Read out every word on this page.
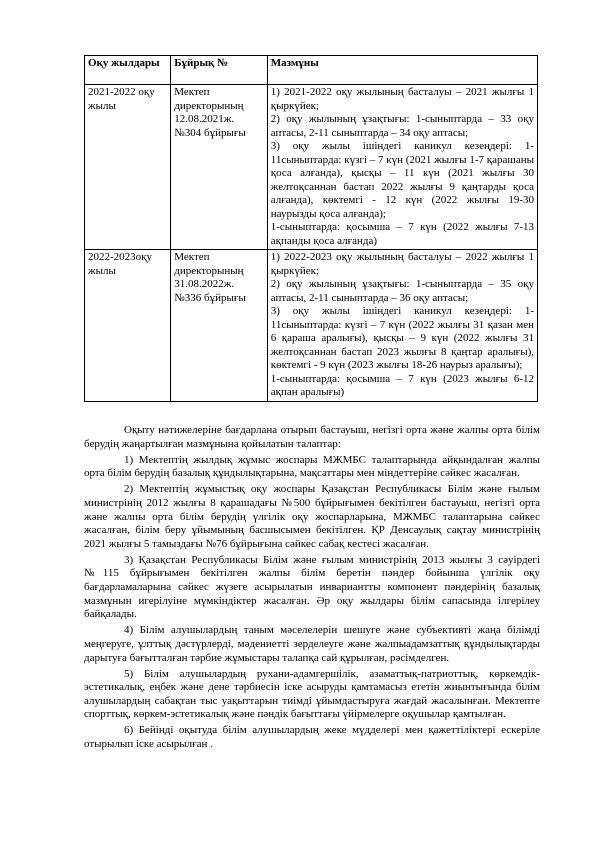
Оқу жылдары	Бұйрық №	Мазмұны
2021-2022 оқу жылы	Мектеп директорының 12.08.2021ж. №304 бұйрығы	1) 2021-2022 оқу жылының басталуы – 2021 жылғы 1 қыркүйек;
2) оқу жылының ұзақтығы: 1-сыныптарда – 33 оқу аптасы, 2-11 сыныптарда – 34 оқу аптасы;
3) оқу жылы ішіндегі каникул кезеңдері: 1-11сыныптарда: күзгі – 7 күн (2021 жылғы 1-7 қарашаны қоса алғанда), қысқы – 11 күн (2021 жылғы 30 желтоқсаннан бастап 2022 жылғы 9 қаңтарды қоса алғанда), көктемгі - 12 күн (2022 жылғы 19-30 наурызды қоса алғанда);
1-сыныптарда: қосымша – 7 күн (2022 жылғы 7-13 ақпанды қоса алғанда)

2022-2023оқу жылы	Мектеп директорының 31.08.2022ж. №336 бұйрығы	1) 2022-2023 оқу жылының басталуы – 2022 жылғы 1 қыркүйек;
2) оқу жылының ұзақтығы: 1-сыныптарда – 35 оқу аптасы, 2-11 сыныптарда – 36 оқу аптасы;
3) оқу жылы ішіндегі каникул кезеңдері: 1-11сыныптарда: күзгі – 7 күн (2022 жылғы 31 қазан мен 6 қараша аралығы), қысқы – 9 күн (2022 жылғы 31 желтоқсаннан бастап 2023 жылғы 8 қаңтар аралығы), көктемгі - 9 күн (2023 жылғы 18-26 наурыз аралығы);
1-сыныптарда: қосымша – 7 күн (2023 жылғы 6-12 ақпан аралығы)

Оқыту нәтижелеріне бағдарлана отырып бастауыш, негізгі орта және жалпы орта білім берудің жаңартылған мазмұнына қойылатын талаптар:

1) Мектептің жылдық жұмыс жоспары МЖМБС талаптарында айқындалған жалпы орта білім берудің базалық құндылықтарына, мақсаттары мен міндеттеріне сәйкес жасалған.

2) Мектептің жұмыстық оқу жоспары Қазақстан Республикасы Білім және ғылым министрінің 2012 жылғы 8 қарашадағы №500 бұйрығымен бекітілген бастауыш, негізгі орта және жалпы орта білім берудің үлгілік оқу жоспарларына, МЖМБС талаптарына сәйкес жасалған, білім беру ұйымының басшысымен бекітілген. ҚР Денсаулық сақтау министрінің 2021 жылғы 5 тамыздағы №76 бұйрығына сәйкес сабақ кестесі жасалған.

3) Қазақстан Республикасы Білім және ғылым министрінің 2013 жылғы 3 сәуірдегі №115 бұйрығымен бекітілген жалпы білім беретін пәндер бойынша үлгілік оқу бағдарламаларына сәйкес жүзеге асырылатын инвариантты компонент пәндерінің базалық мазмұнын игерілуіне мүмкіндіктер жасалған. Әр оқу жылдары білім сапасында ілгерілеу байқалады.

4) Білім алушылардың таным мәселелерін шешуге және субъективті жаңа білімді меңгеруге, ұлттық дәстүрлерді, мәдениетті зерделеуге және жалпыадамзаттық құндылықтарды дарытуға бағытталған тәрбие жұмыстары талапқа сай құрылған, рәсімделген.

5) Білім алушылардың рухани-адамгершілік, азаматтық-патриоттық, көркемдік-эстетикалық, еңбек және дене тәрбиесін іске асыруды қамтамасыз ететін жиынтығында білім алушылардың сабақтан тыс уақыттарын тиімді ұйымдастыруға жағдай жасалынған. Мектепте спорттық, көркем-эстетикалық және пәндік бағыттағы үйірмелерге оқушылар қамтылған.

6) Бейінді оқытуда білім алушылардың жеке мүдделері мен қажеттіліктері ескеріле отырылып іске асырылған .
